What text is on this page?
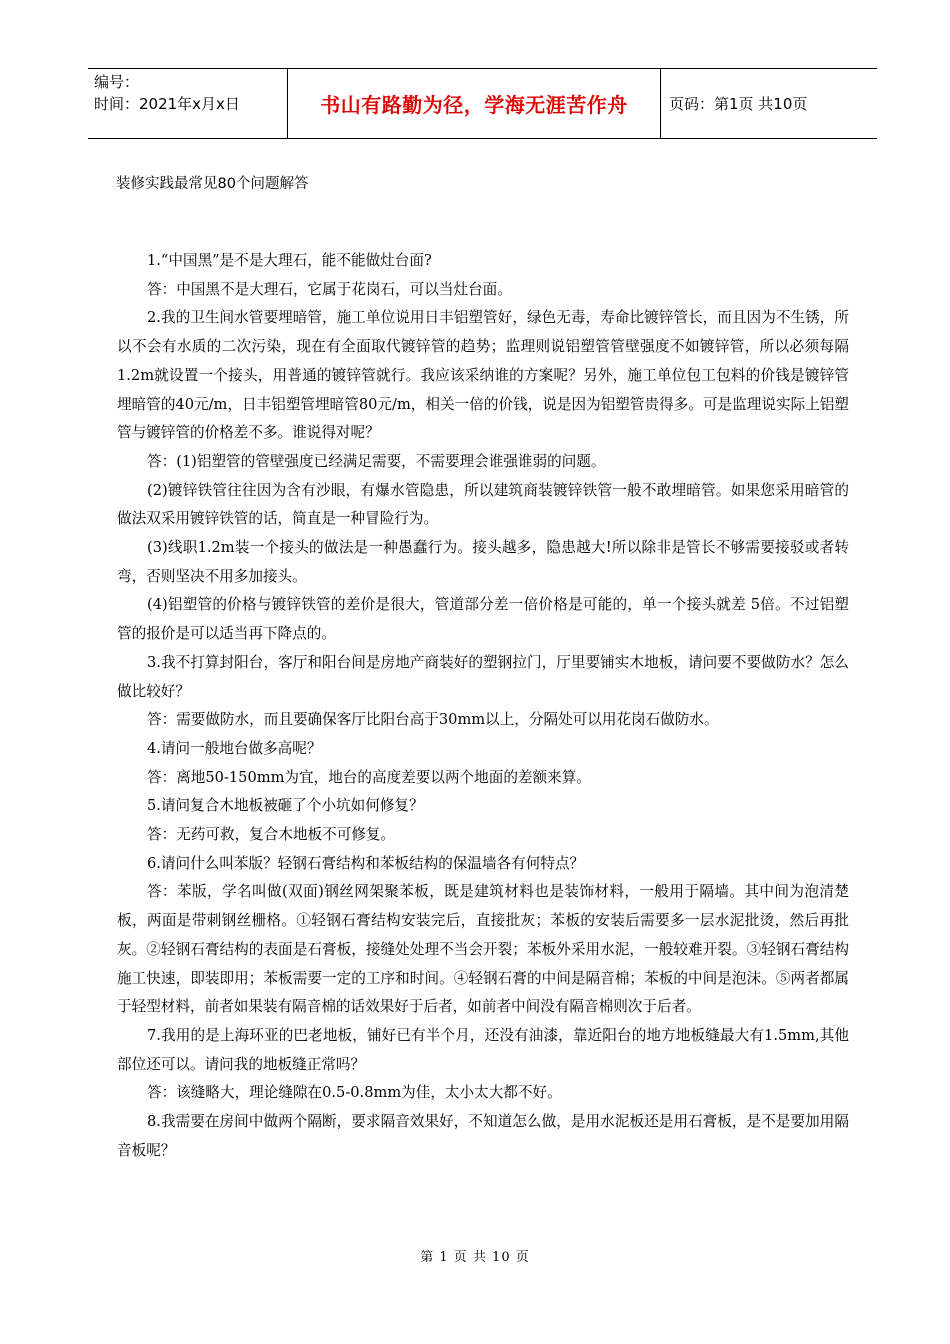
编号：
时间：2021年x月x日	书山有路勤为径，学海无涯苦作舟	页码：第1页 共10页
装修实践最常见80个问题解答

1.“中国黑”是不是大理石，能不能做灶台面?

答：中国黑不是大理石，它属于花岗石，可以当灶台面。

2.我的卫生间水管要埋暗管，施工单位说用日丰铝塑管好，绿色无毒，寿命比镀锌管长，而且因为不生锈，所以不会有水质的二次污染，现在有全面取代镀锌管的趋势；监理则说铝塑管管壁强度不如镀锌管，所以必须每隔1.2m就设置一个接头，用普通的镀锌管就行。我应该采纳谁的方案呢？另外，施工单位包工包料的价钱是镀锌管埋暗管的40元/m，日丰铝塑管埋暗管80元/m，相关一倍的价钱，说是因为铝塑管贵得多。可是监理说实际上铝塑管与镀锌管的价格差不多。谁说得对呢？

答：(1)铝塑管的管壁强度已经满足需要，不需要理会谁强谁弱的问题。

(2)镀锌铁管往往因为含有沙眼，有爆水管隐患，所以建筑商装镀锌铁管一般不敢埋暗管。如果您采用暗管的做法双采用镀锌铁管的话，简直是一种冒险行为。

(3)线职1.2m装一个接头的做法是一种愚蠢行为。接头越多，隐患越大!所以除非是管长不够需要接驳或者转弯，否则坚决不用多加接头。

(4)铝塑管的价格与镀锌铁管的差价是很大，管道部分差一倍价格是可能的，单一个接头就差 5倍。不过铝塑管的报价是可以适当再下降点的。

3.我不打算封阳台，客厅和阳台间是房地产商装好的塑钢拉门，厅里要铺实木地板，请问要不要做防水？怎么做比较好？

答：需要做防水，而且要确保客厅比阳台高于30mm以上，分隔处可以用花岗石做防水。

4.请问一般地台做多高呢？

答：离地50-150mm为宜，地台的高度差要以两个地面的差额来算。

5.请问复合木地板被砸了个小坑如何修复？

答：无药可救，复合木地板不可修复。

6.请问什么叫苯版？轻钢石膏结构和苯板结构的保温墙各有何特点？

答：苯版，学名叫做(双面)钢丝网架聚苯板，既是建筑材料也是装饰材料，一般用于隔墙。其中间为泡清楚板，两面是带刺钢丝栅格。①轻钢石膏结构安装完后，直接批灰；苯板的安装后需要多一层水泥批烫，然后再批灰。②轻钢石膏结构的表面是石膏板，接缝处处理不当会开裂；苯板外采用水泥，一般较难开裂。③轻钢石膏结构施工快速，即装即用；苯板需要一定的工序和时间。④轻钢石膏的中间是隔音棉；苯板的中间是泡沫。⑤两者都属于轻型材料，前者如果装有隔音棉的话效果好于后者，如前者中间没有隔音棉则次于后者。

7.我用的是上海环亚的巴老地板，铺好已有半个月，还没有油漆，靠近阳台的地方地板缝最大有1.5mm,其他部位还可以。请问我的地板缝正常吗？

答：该缝略大，理论缝隙在0.5-0.8mm为佳，太小太大都不好。

8.我需要在房间中做两个隔断，要求隔音效果好，不知道怎么做，是用水泥板还是用石膏板，是不是要加用隔音板呢？

第 1 页 共 10 页
